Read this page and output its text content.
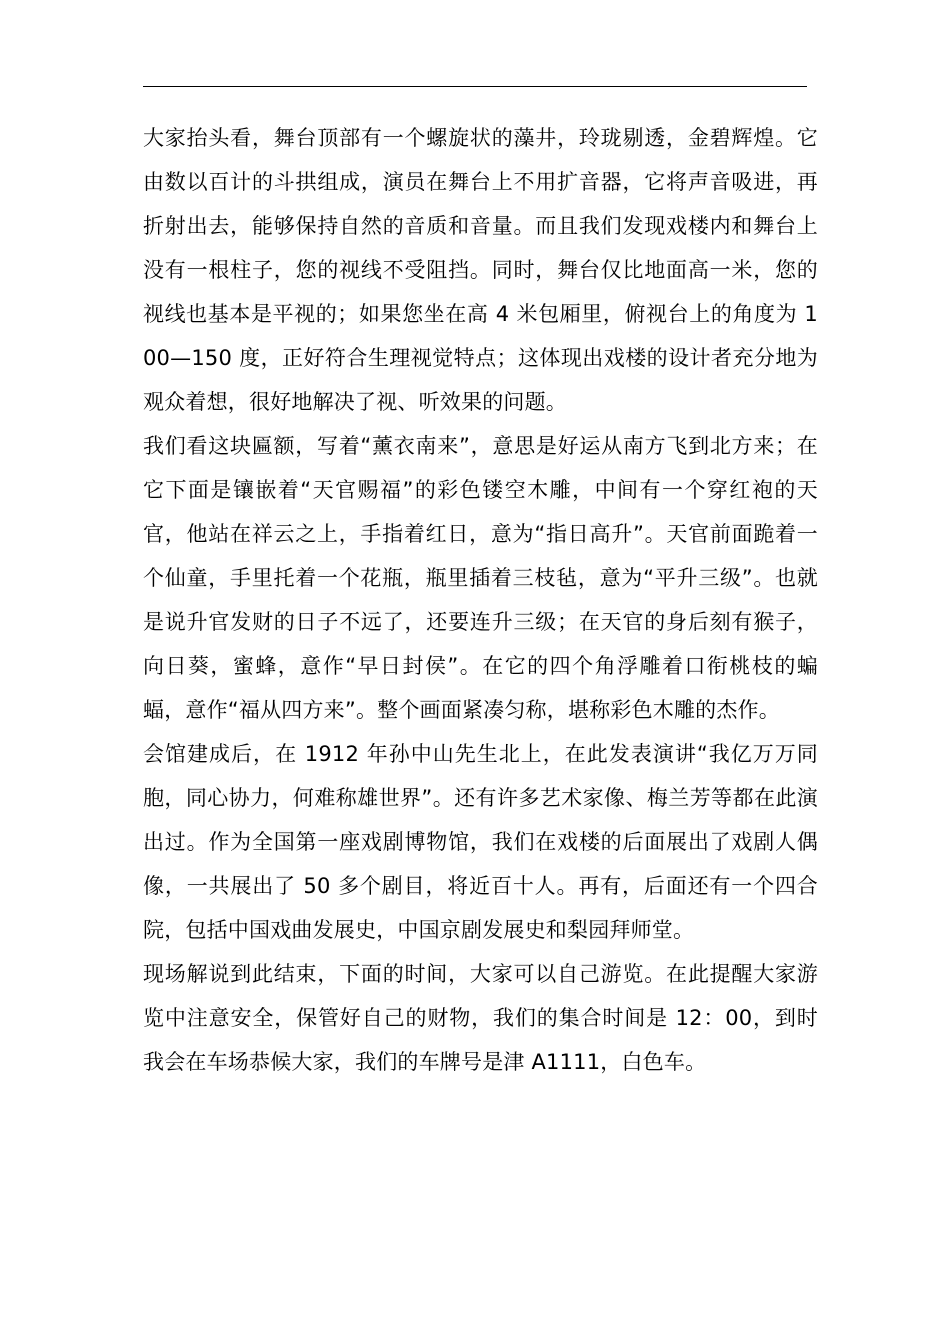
大家抬头看，舞台顶部有一个螺旋状的藻井，玲珑剔透，金碧辉煌。它由数以百计的斗拱组成，演员在舞台上不用扩音器，它将声音吸进，再折射出去，能够保持自然的音质和音量。而且我们发现戏楼内和舞台上没有一根柱子，您的视线不受阻挡。同时，舞台仅比地面高一米，您的视线也基本是平视的；如果您坐在高 4 米包厢里，俯视台上的角度为 100—150 度，正好符合生理视觉特点；这体现出戏楼的设计者充分地为观众着想，很好地解决了视、听效果的问题。

我们看这块匾额，写着“薰衣南来”，意思是好运从南方飞到北方来；在它下面是镶嵌着“天官赐福”的彩色镂空木雕，中间有一个穿红袍的天官，他站在祥云之上，手指着红日，意为“指日高升”。天官前面跪着一个仙童，手里托着一个花瓶，瓶里插着三枝毡，意为“平升三级”。也就是说升官发财的日子不远了，还要连升三级；在天官的身后刻有猴子，向日葵，蜜蜂，意作“早日封侯”。在它的四个角浮雕着口衔桃枝的蝙蝠，意作“福从四方来”。整个画面紧凑匀称，堪称彩色木雕的杰作。

会馆建成后，在 1912 年孙中山先生北上，在此发表演讲“我亿万万同胞，同心协力，何难称雄世界”。还有许多艺术家像、梅兰芳等都在此演出过。作为全国第一座戏剧博物馆，我们在戏楼的后面展出了戏剧人偶像，一共展出了 50 多个剧目，将近百十人。再有，后面还有一个四合院，包括中国戏曲发展史，中国京剧发展史和梨园拜师堂。

现场解说到此结束，下面的时间，大家可以自己游览。在此提醒大家游览中注意安全，保管好自己的财物，我们的集合时间是 12：00，到时我会在车场恭候大家，我们的车牌号是津 A1111，白色车。
